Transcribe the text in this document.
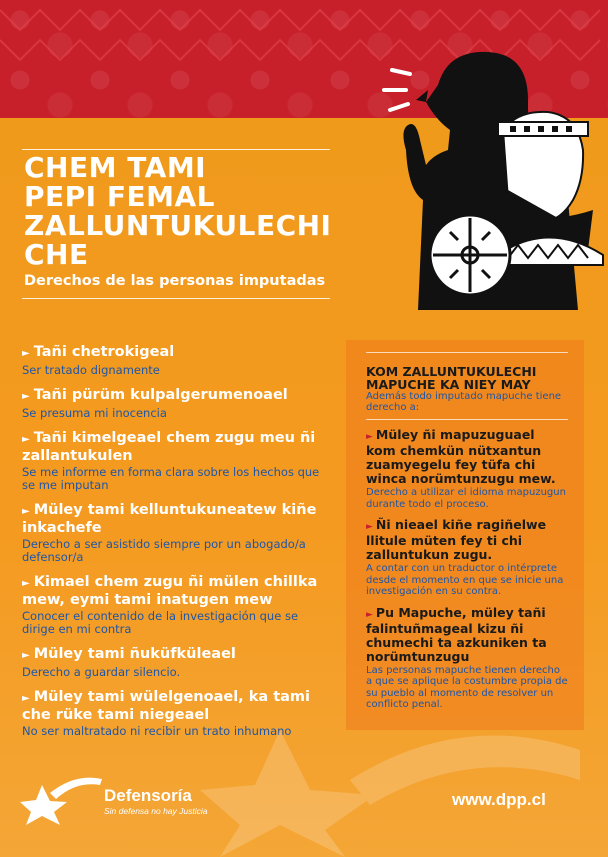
CHEM TAMI
PEPI FEMAL
ZALLUNTUKULECHI
CHE
Derechos de las personas imputadas
► Tañi chetrokigeal
Ser tratado dignamente
► Tañi pürüm kulpalgerumenoael
Se presuma mi inocencia
► Tañi kimelgeael chem zugu meu ñi zallantukulen
Se me informe en forma clara sobre los hechos que se me imputan
► Müley tami kelluntukuneatew kiñe inkachefe
Derecho a ser asistido siempre por un abogado/a defensor/a
► Kimael chem zugu ñi mülen chillka mew, eymi tami inatugen mew
Conocer el contenido de la investigación que se dirige en mi contra
► Müley tami ñuküfküleael
Derecho a guardar silencio.
► Müley tami wülelgenoael, ka tami che rüke tami niegeael
No ser maltratado ni recibir un trato inhumano
KOM ZALLUNTUKULECHI MAPUCHE KA NIEY MAY
Además todo imputado mapuche tiene derecho a:
► Müley ñi mapuzuguael kom chemkün nütxantun zuamyegelu fey tüfa chi winca norümtunzugu mew.
Derecho a utilizar el idioma mapuzugun durante todo el proceso.
► Ñi nieael kiñe ragiñelwe llitule müten fey ti chi zalluntukun zugu.
A contar con un traductor o intérprete desde el momento en que se inicie una investigación en su contra.
► Pu Mapuche, müley tañi falintuñmageal kizu ñi chumechi ta azkuniken ta norümtunzugu
Las personas mapuche tienen derecho a que se aplique la costumbre propia de su pueblo al momento de resolver un conflicto penal.
Defensoría
Sin defensa no hay Justicia
www.dpp.cl
